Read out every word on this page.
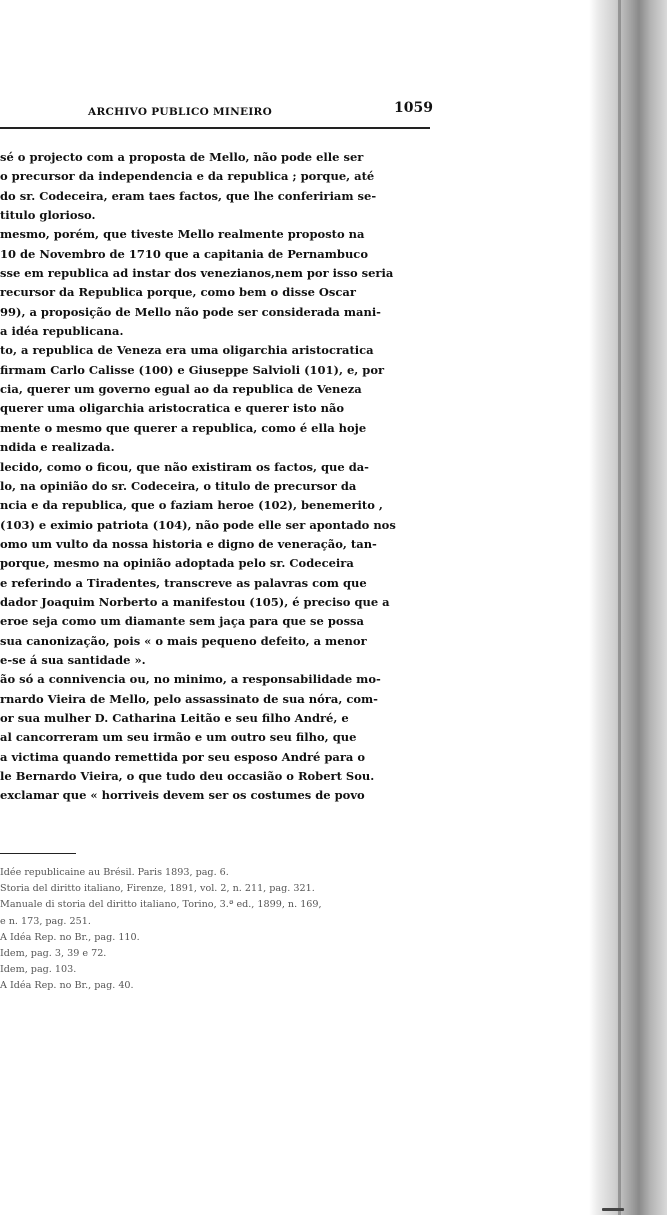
ARCHIVO PUBLICO MINEIRO	1059
sé o projecto com a proposta de Mello, não pode elle ser
o precursor da independencia e da republica ; porque, até
do sr. Codeceira, eram taes factos, que lhe confeririam se-
titulo glorioso.
mesmo, porém, que tiveste Mello realmente proposto na
10 de Novembro de 1710 que a capitania de Pernambuco
sse em republica ad instar dos venezianos,nem por isso seria
recursor da Republica porque, como bem o disse Oscar
99), a proposição de Mello não pode ser considerada mani-
a idéa republicana.
to, a republica de Veneza era uma oligarchia aristocratica
firmam Carlo Calisse (100) e Giuseppe Salvioli (101), e, por
cia, querer um governo egual ao da republica de Veneza
querer uma oligarchia aristocratica e querer isto não
mente o mesmo que querer a republica, como é ella hoje
ndida e realizada.
lecido, como o ficou, que não existiram os factos, que da-
lo, na opinião do sr. Codeceira, o titulo de precursor da
ncia e da republica, que o faziam heroe (102), benemerito ,
(103) e eximio patriota (104), não pode elle ser apontado nos
omo um vulto da nossa historia e digno de veneração, tan-
porque, mesmo na opinião adoptada pelo sr. Codeceira
e referindo a Tiradentes, transcreve as palavras com que
dador Joaquim Norberto a manifestou (105), é preciso que a
eroe seja como um diamante sem jaça para que se possa
sua canonização, pois « o mais pequeno defeito, a menor
e-se á sua santidade ».
ão só a connivencia ou, no minimo, a responsabilidade mo-
rnardo Vieira de Mello, pelo assassinato de sua nóra, com-
or sua mulher D. Catharina Leitão e seu filho André, e
al cancorreram um seu irmão e um outro seu filho, que
a victima quando remettida por seu esposo André para o
le Bernardo Vieira, o que tudo deu occasião o Robert Sou.
exclamar que « horriveis devem ser os costumes de povo
Idée republicaine au Brésil. Paris 1893, pag. 6.
Storia del diritto italiano, Firenze, 1891, vol. 2, n. 211, pag. 321.
Manuale di storia del diritto italiano, Torino, 3.ª ed., 1899, n. 169,
e n. 173, pag. 251.
A Idéa Rep. no Br., pag. 110.
Idem, pag. 3, 39 e 72.
Idem, pag. 103.
A Idéa Rep. no Br., pag. 40.
